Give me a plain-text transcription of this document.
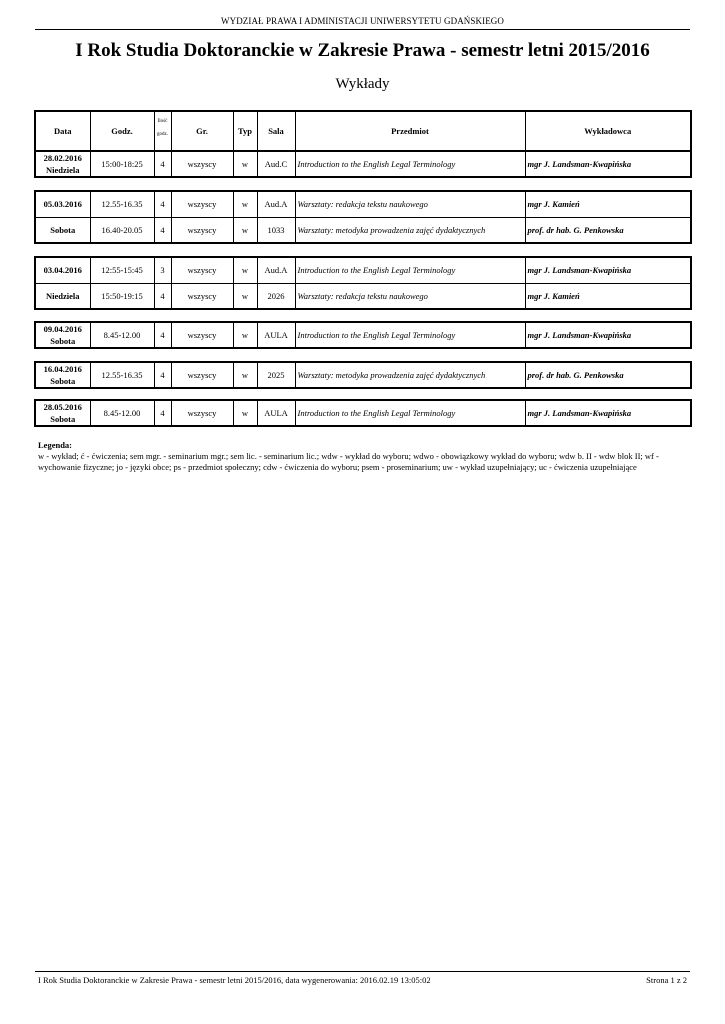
WYDZIAŁ PRAWA I ADMINISTACJI UNIWERSYTETU GDAŃSKIEGO
I Rok Studia Doktoranckie w Zakresie Prawa - semestr letni 2015/2016
Wykłady
Data	Godz.	
Ilość
godz.	Gr.	Typ	Sala	Przedmiot	Wykładowca
28.02.2016
Niedziela
	15:00-18:25	4	wszyscy	w	Aud.C	Introduction to the English Legal Terminology	mgr J. Landsman-Kwapińska
05.03.2016	12.55-16.35	4	wszyscy	w	Aud.A	Warsztaty: redakcja tekstu naukowego	mgr J. Kamień
Sobota	16.40-20.05	4	wszyscy	w	1033	Warsztaty: metodyka prowadzenia zajęć dydaktycznych	prof. dr hab. G. Penkowska
03.04.2016	12:55-15:45	3	wszyscy	w	Aud.A	Introduction to the English Legal Terminology	mgr J. Landsman-Kwapińska
Niedziela	15:50-19:15	4	wszyscy	w	2026	Warsztaty: redakcja tekstu naukowego	mgr J. Kamień
09.04.2016
Sobota
	8.45-12.00	4	wszyscy	w	AULA	Introduction to the English Legal Terminology	mgr J. Landsman-Kwapińska
16.04.2016
Sobota
	12.55-16.35	4	wszyscy	w	2025	Warsztaty: metodyka prowadzenia zajęć dydaktycznych	prof. dr hab. G. Penkowska
28.05.2016
Sobota
	8.45-12.00	4	wszyscy	w	AULA	Introduction to the English Legal Terminology	mgr J. Landsman-Kwapińska
Legenda:
w - wykład; ć - ćwiczenia; sem mgr. - seminarium mgr.; sem lic. - seminarium lic.; wdw - wykład do wyboru; wdwo - obowiązkowy wykład do wyboru; wdw b. II - wdw blok II; wf - wychowanie fizyczne; jo - języki obce; ps - przedmiot społeczny; cdw - ćwiczenia do wyboru; psem - proseminarium; uw - wykład uzupełniający; uc - ćwiczenia uzupełniające
I Rok Studia Doktoranckie w Zakresie Prawa - semestr letni 2015/2016, data wygenerowania: 2016.02.19 13:05:02	Strona 1 z 2
